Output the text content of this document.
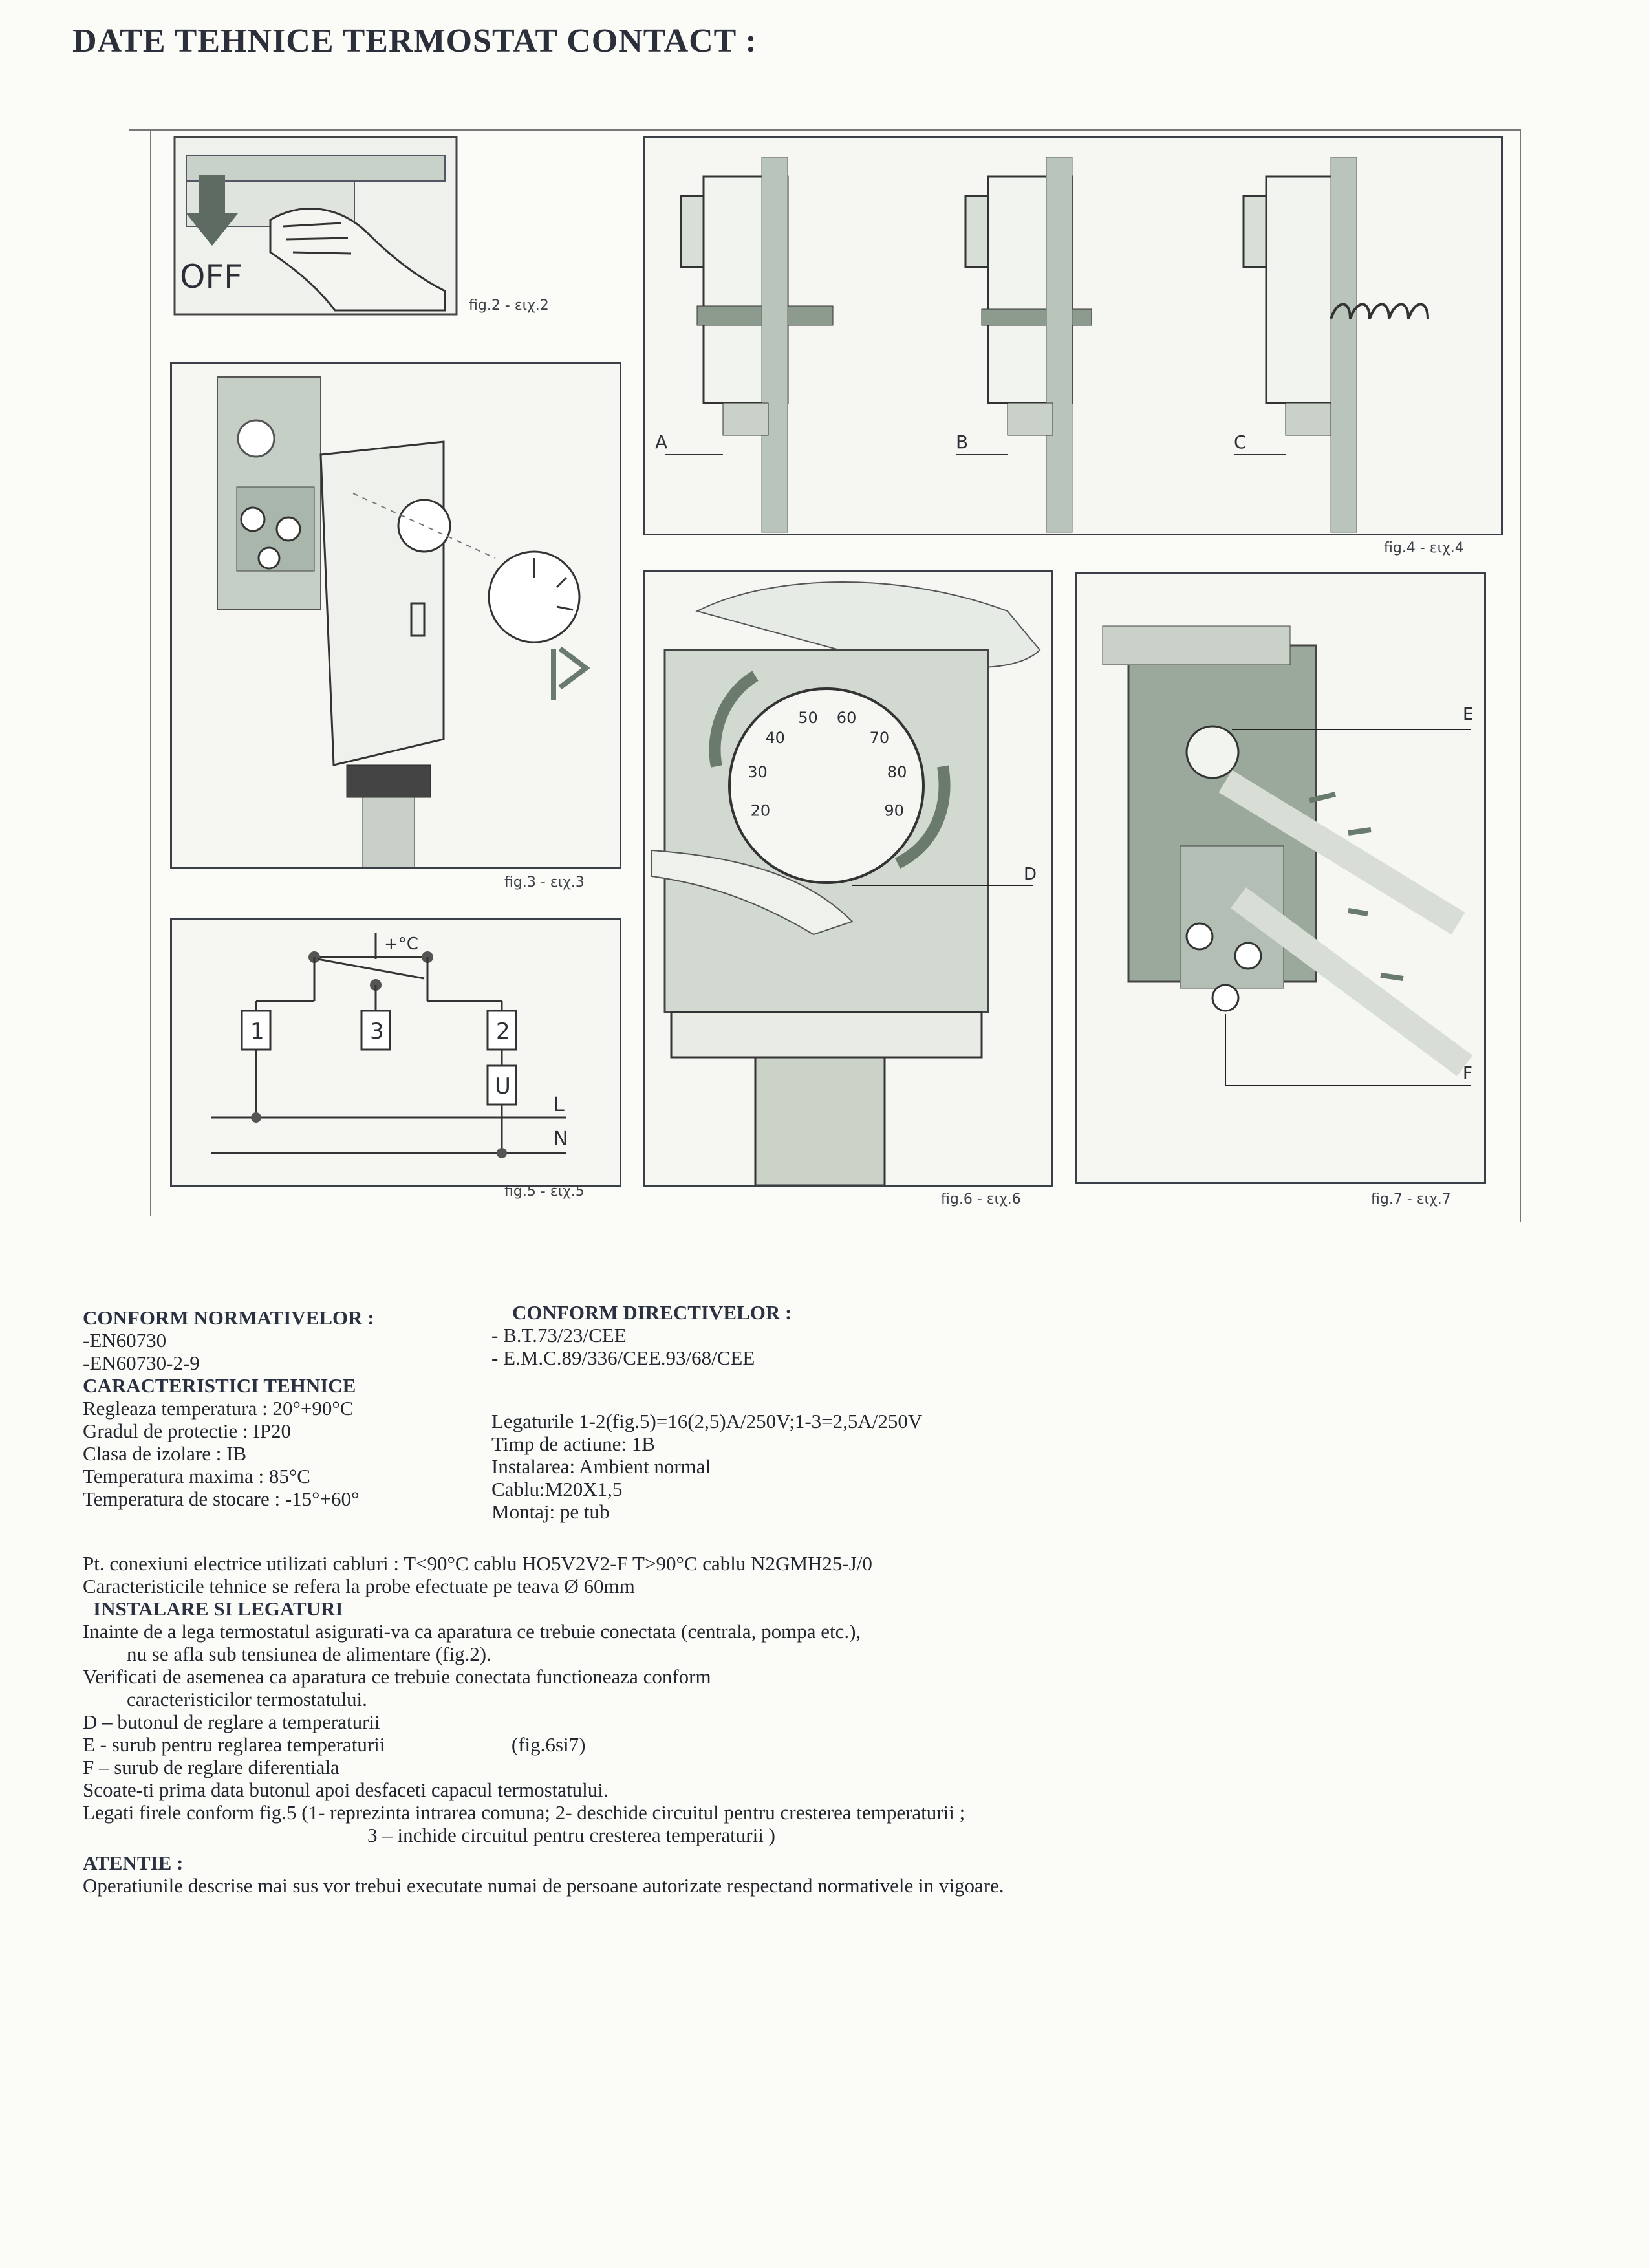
DATE TEHNICE TERMOSTAT CONTACT :
OFF
fig.2 - ειχ.2
fig.3 - ειχ.3
A	B	C
fig.4 - ειχ.4
+°C
1	3	2
U
L
N
fig.5 - ειχ.5
20
30
40
50 60
70
80
90
D
fig.6 - ειχ.6
E
F
fig.7 - ειχ.7
CONFORM NORMATIVELOR :
-EN60730
-EN60730-2-9
CARACTERISTICI TEHNICE
Regleaza temperatura : 20°+90°C
Gradul de protectie : IP20
Clasa de izolare : IB
Temperatura maxima : 85°C
Temperatura de stocare : -15°+60°
CONFORM DIRECTIVELOR :
- B.T.73/23/CEE
- E.M.C.89/336/CEE.93/68/CEE
Legaturile 1-2(fig.5)=16(2,5)A/250V;1-3=2,5A/250V
Timp de actiune: 1B
Instalarea: Ambient normal
Cablu:M20X1,5
Montaj: pe tub
Pt. conexiuni electrice utilizati cabluri : T<90°C cablu HO5V2V2-F T>90°C cablu N2GMH25-J/0
Caracteristicile tehnice se refera la probe efectuate pe teava Ø 60mm
INSTALARE SI LEGATURI
Inainte de a lega termostatul asigurati-va ca aparatura ce trebuie conectata (centrala, pompa etc.),
nu se afla sub tensiunea de alimentare (fig.2).
Verificati de asemenea ca aparatura ce trebuie conectata functioneaza conform
caracteristicilor termostatului.
D – butonul de reglare a temperaturii
E - surub pentru reglarea temperaturii	(fig.6si7)
F – surub de reglare diferentiala
Scoate-ti prima data butonul apoi desfaceti capacul termostatului.
Legati firele conform fig.5 (1- reprezinta intrarea comuna; 2- deschide circuitul pentru cresterea temperaturii ;
3 – inchide circuitul pentru cresterea temperaturii )
ATENTIE :
Operatiunile descrise mai sus vor trebui executate numai de persoane autorizate respectand normativele in vigoare.
